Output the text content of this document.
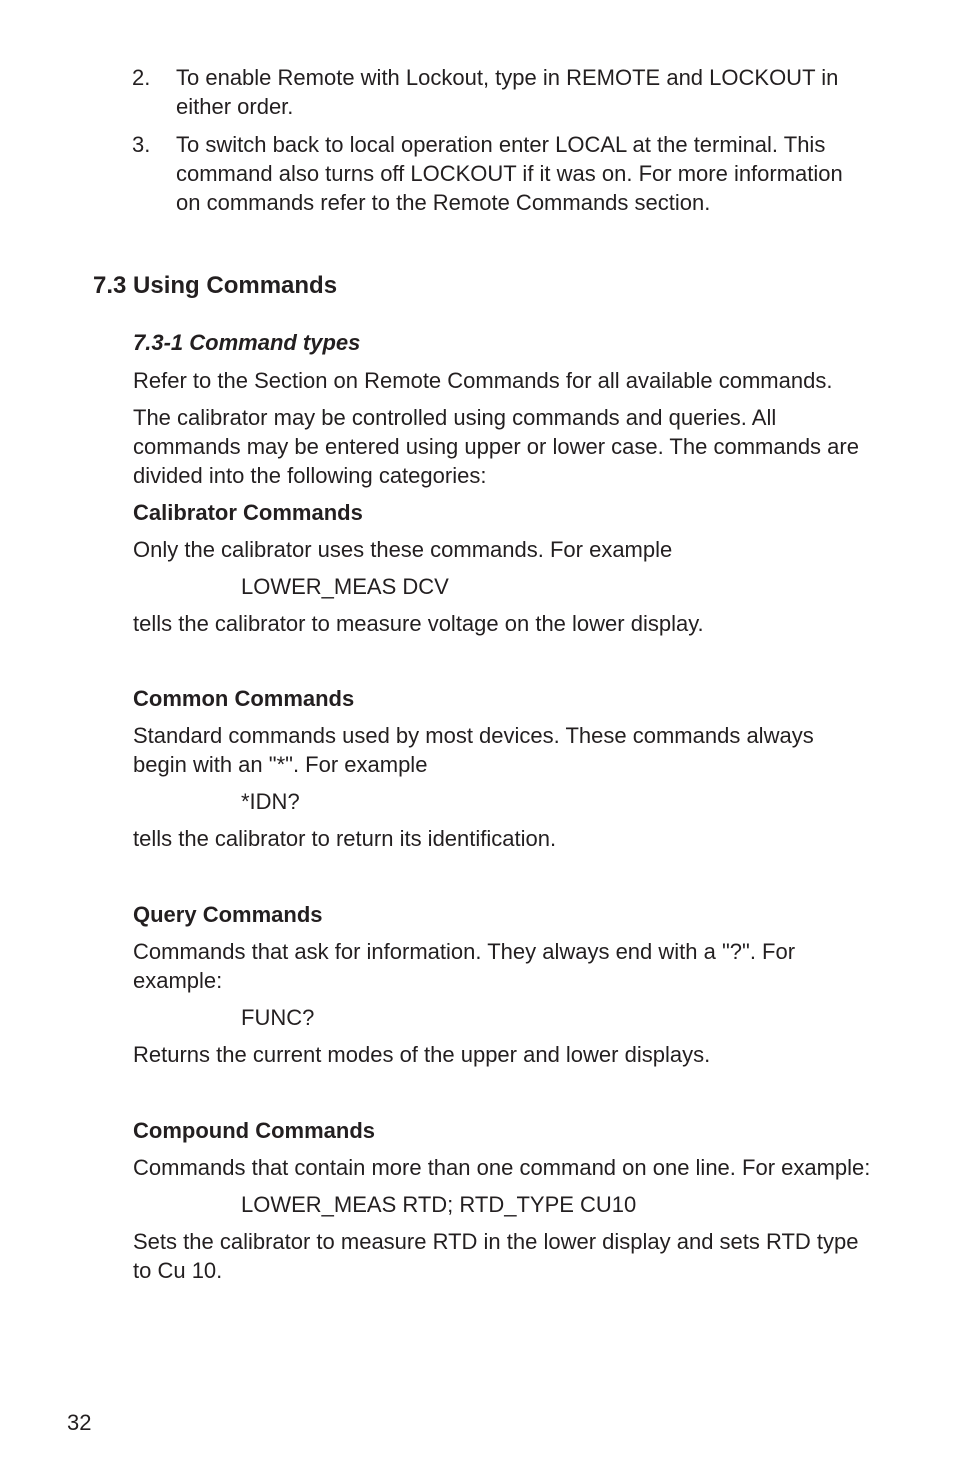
2.	To enable Remote with Lockout, type in REMOTE and LOCKOUT in either order.
3.	To switch back to local operation enter LOCAL at the terminal. This command also turns off LOCKOUT if it was on. For more information on commands refer to the Remote Commands section.
7.3 Using Commands
7.3-1 Command types

Refer to the Section on Remote Commands for all available commands.

The calibrator may be controlled using commands and queries. All commands may be entered using upper or lower case. The commands are divided into the following categories:

Calibrator Commands

Only the calibrator uses these commands. For example

LOWER_MEAS DCV

tells the calibrator to measure voltage on the lower display.

Common Commands

Standard commands used by most devices. These commands always begin with an "*". For example

*IDN?

tells the calibrator to return its identification.

Query Commands

Commands that ask for information. They always end with a "?". For example:

FUNC?

Returns the current modes of the upper and lower displays.

Compound Commands

Commands that contain more than one command on one line. For example:

LOWER_MEAS RTD; RTD_TYPE CU10

Sets the calibrator to measure RTD in the lower display and sets RTD type to Cu 10.

32
